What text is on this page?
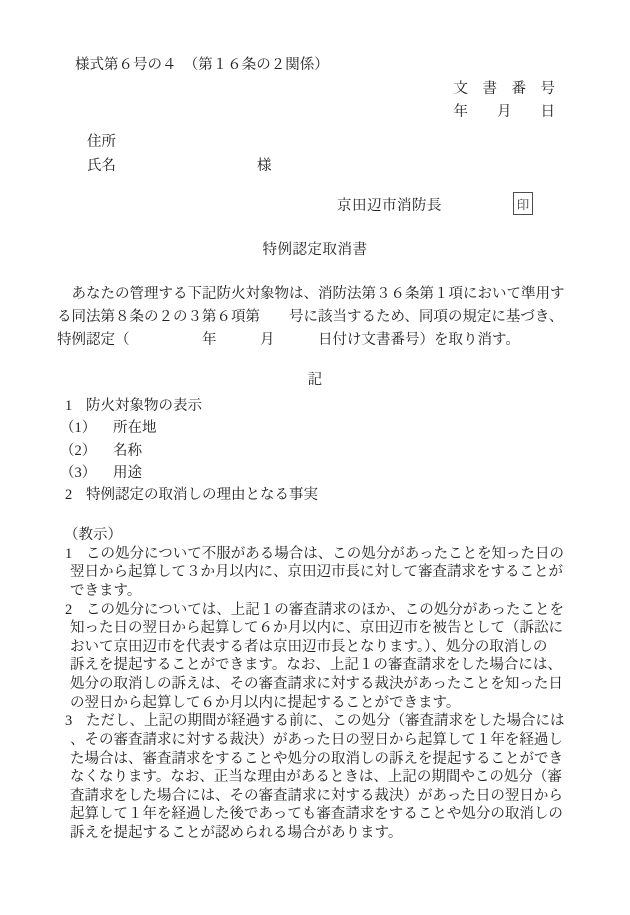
様式第６号の４　（第１６条の２関係）
文　書　番　号
年　　月　　日
住所
氏名	様
京田辺市消防長	印
特例認定取消書
　あなたの管理する下記防火対象物は、消防法第３６条第１項において準用す
る同法第８条の２の３第６項第　　号に該当するため、同項の規定に基づき、
特例認定（　　　　　年　　　月　　　日付け文書番号）を取り消す。
記
1 防火対象物の表示
（1） 所在地
（2） 名称
（3） 用途
2 特例認定の取消しの理由となる事実
（教示）
1 この処分について不服がある場合は、この処分があったことを知った日の
翌日から起算して３か月以内に、京田辺市長に対して審査請求をすることが
できます。
2 この処分については、上記１の審査請求のほか、この処分があったことを
知った日の翌日から起算して６か月以内に、京田辺市を被告として（訴訟に
おいて京田辺市を代表する者は京田辺市長となります。）、処分の取消しの
訴えを提起することができます。なお、上記１の審査請求をした場合には、
処分の取消しの訴えは、その審査請求に対する裁決があったことを知った日
の翌日から起算して６か月以内に提起することができます。
3 ただし、上記の期間が経過する前に、この処分（審査請求をした場合には
、その審査請求に対する裁決）があった日の翌日から起算して１年を経過し
た場合は、審査請求をすることや処分の取消しの訴えを提起することができ
なくなります。なお、正当な理由があるときは、上記の期間やこの処分（審
査請求をした場合には、その審査請求に対する裁決）があった日の翌日から
起算して１年を経過した後であっても審査請求をすることや処分の取消しの
訴えを提起することが認められる場合があります。
